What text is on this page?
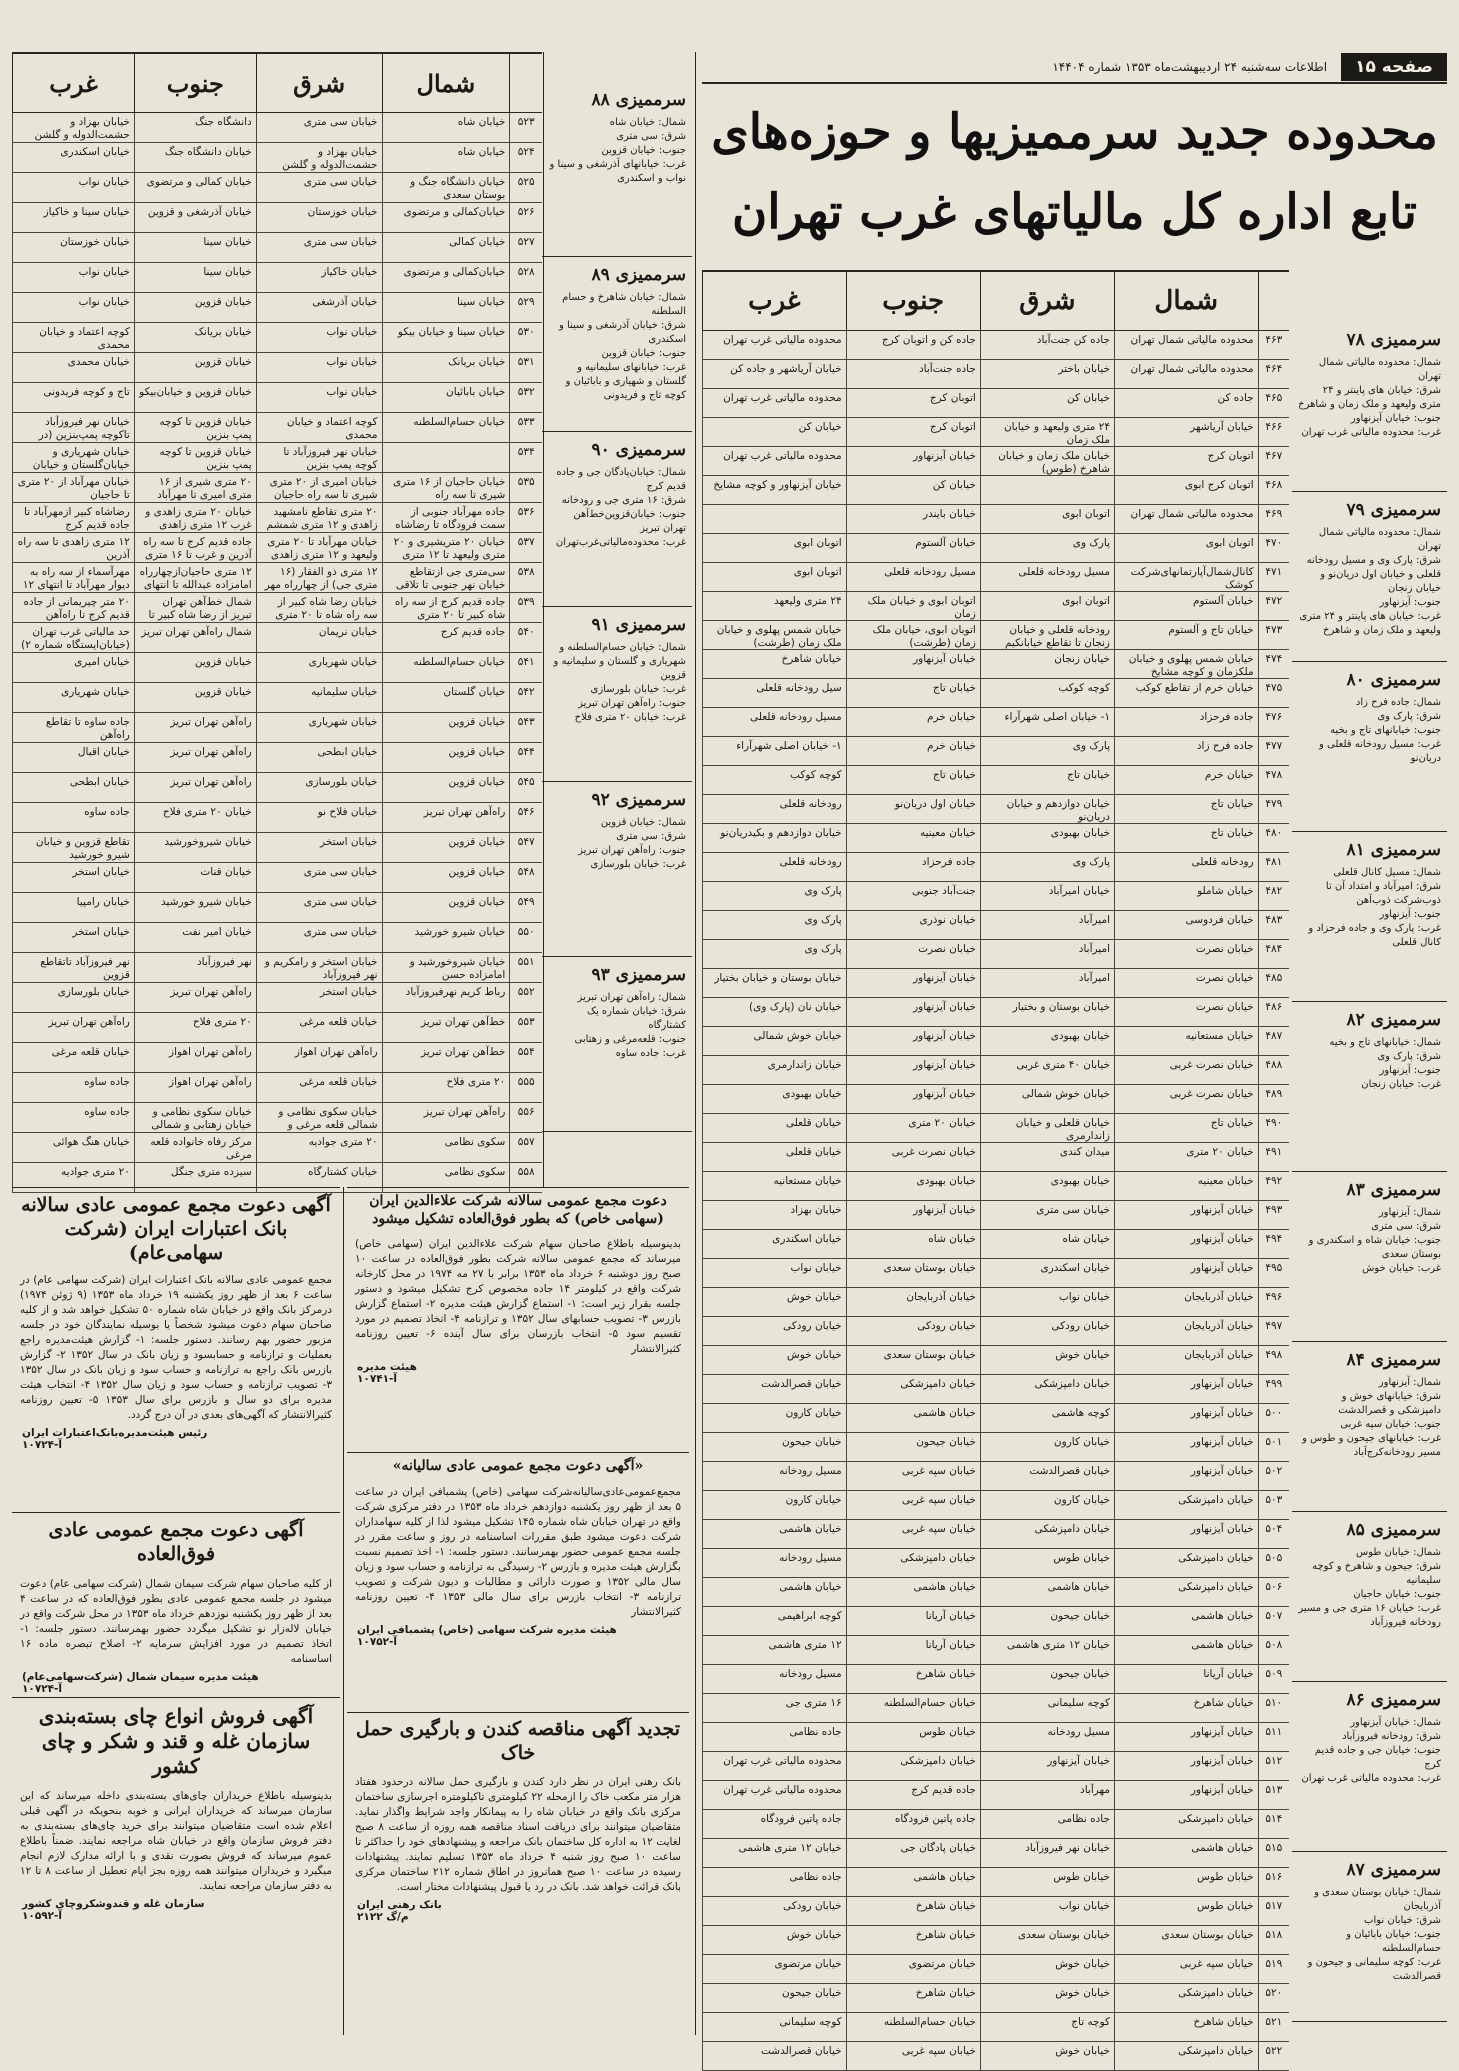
صفحه ۱۵
اطلاعات سه‌شنبه ۲۴ اردیبهشت‌ماه ۱۳۵۳ شماره ۱۴۴۰۴
محدوده جدید سرممیزیها و حوزه‌های
تابع اداره کل مالیاتهای غرب تهران
شمال
شرق
جنوب
غرب
۴۶۳
محدوده مالیاتی شمال تهران
جاده کن جنت‌آباد
جاده کن و اتوبان کرج
محدوده مالیاتی غرب تهران
۴۶۴
محدوده مالیاتی شمال تهران
خیابان باختر
جاده جنت‌آباد
خیابان آریاشهر و جاده کن
۴۶۵
جاده کن
خیابان کن
اتوبان کرج
محدوده مالیاتی غرب تهران
۴۶۶
خیابان آریاشهر
۲۴ متری ولیعهد و خیابان ملک زمان
اتوبان کرج
خیابان کن
۴۶۷
اتوبان کرج
خیابان ملک زمان و خیابان شاهرخ (طوس)
خیابان آیزنهاور
محدوده مالیاتی غرب تهران
۴۶۸
اتوبان کرج ابوی
خیابان کن
خیابان آیزنهاور و کوچه مشایخ
۴۶۹
محدوده مالیاتی شمال تهران
اتوبان ابوی
خیابان بایندر
۴۷۰
اتوبان ابوی
پارک وی
خیابان آلستوم
اتوبان ابوی
۴۷۱
کانال‌شمال‌آپارتمانهای‌شرکت کوشک
مسیل رودخانه قلعلی
مسیل رودخانه قلعلی
اتوبان ابوی
۴۷۲
خیابان آلستوم
اتوبان ابوی
اتوبان ابوی و خیابان ملک زمان
۲۴ متری ولیعهد
۴۷۳
خیابان تاج و آلستوم
رودخانه قلعلی و خیابان زنجان تا تقاطع خیابانکیم
اتوبان ابوی، خیابان ملک زمان (طرشت)
خیابان شمس پهلوی و خیابان ملک زمان (طرشت)
۴۷۴
خیابان شمس پهلوی و خیابان ملکزمان و کوچه مشایخ
خیابان زنجان
خیابان آیزنهاور
خیابان شاهرخ
۴۷۵
خیابان خرم از تقاطع کوکب
کوچه کوکب
خیابان تاج
سیل رودخانه قلعلی
۴۷۶
جاده فرحزاد
۱- خیابان اصلی شهرآراء
خیابان خرم
مسیل رودخانه قلعلی
۴۷۷
جاده فرح زاد
پارک وی
خیابان خرم
۱- خیابان اصلی شهرآراء
۴۷۸
خیابان خرم
خیابان تاج
خیابان تاج
کوچه کوکب
۴۷۹
خیابان تاج
خیابان دوازدهم و خیابان دریان‌نو
خیابان اول دریان‌نو
رودخانه قلعلی
۴۸۰
خیابان تاج
خیابان بهبودی
خیابان معینیه
خیابان دوازدهم و بکیدریان‌نو
۴۸۱
رودخانه قلعلی
پارک وی
جاده فرحزاد
رودخانه قلعلی
۴۸۲
خیابان شاملو
خیابان امیرآباد
جنت‌آباد جنوبی
پارک وی
۴۸۳
خیابان فردوسی
امیرآباد
خیابان نوذری
پارک وی
۴۸۴
خیابان نصرت
امیرآباد
خیابان نصرت
پارک وی
۴۸۵
خیابان نصرت
امیرآباد
خیابان آیزنهاور
خیابان بوستان و خیابان بختیار
۴۸۶
خیابان نصرت
خیابان بوستان و بختیار
خیابان آیزنهاور
خیابان نان (پارک وی)
۴۸۷
خیابان مستعانیه
خیابان بهبودی
خیابان آیزنهاور
خیابان خوش شمالی
۴۸۸
خیابان نصرت غربی
خیابان ۴۰ متری غربی
خیابان آیزنهاور
خیابان زاندارمری
۴۸۹
خیابان نصرت غربی
خیابان خوش شمالی
خیابان آیزنهاور
خیابان بهبودی
۴۹۰
خیابان تاج
خیابان قلعلی و خیابان زاندارمری
خیابان ۲۰ متری
خیابان قلعلی
۴۹۱
خیابان ۲۰ متری
میدان کندی
خیابان نصرت غربی
خیابان قلعلی
۴۹۲
خیابان معینیه
خیابان بهبودی
خیابان بهبودی
خیابان مستعانیه
۴۹۳
خیابان آیزنهاور
خیابان سی متری
خیابان آیزنهاور
خیابان بهزاد
۴۹۴
خیابان آیزنهاور
خیابان شاه
خیابان شاه
خیابان اسکندری
۴۹۵
خیابان آیزنهاور
خیابان اسکندری
خیابان بوستان سعدی
خیابان نواب
۴۹۶
خیابان آذربایجان
خیابان نواب
خیابان آذربایجان
خیابان خوش
۴۹۷
خیابان آذربایجان
خیابان رودکی
خیابان رودکی
خیابان رودکی
۴۹۸
خیابان آذربایجان
خیابان خوش
خیابان بوستان سعدی
خیابان خوش
۴۹۹
خیابان آیزنهاور
خیابان دامپزشکی
خیابان دامپزشکی
خیابان قصرالدشت
۵۰۰
خیابان آیزنهاور
کوچه هاشمی
خیابان هاشمی
خیابان کارون
۵۰۱
خیابان آیزنهاور
خیابان کارون
خیابان جیحون
خیابان جیحون
۵۰۲
خیابان آیزنهاور
خیابان قصرالدشت
خیابان سپه غربی
مسیل رودخانه
۵۰۳
خیابان دامپزشکی
خیابان کارون
خیابان سپه غربی
خیابان کارون
۵۰۴
خیابان آیزنهاور
خیابان دامپزشکی
خیابان سپه غربی
خیابان هاشمی
۵۰۵
خیابان دامپزشکی
خیابان طوس
خیابان دامپزشکی
مسیل رودخانه
۵۰۶
خیابان دامپزشکی
خیابان هاشمی
خیابان هاشمی
خیابان هاشمی
۵۰۷
خیابان هاشمی
خیابان جیحون
خیابان آریانا
کوچه ابراهیمی
۵۰۸
خیابان هاشمی
خیابان ۱۲ متری هاشمی
خیابان آریانا
۱۲ متری هاشمی
۵۰۹
خیابان آریانا
خیابان جیحون
خیابان شاهرخ
مسیل رودخانه
۵۱۰
خیابان شاهرخ
کوچه سلیمانی
خیابان حسام‌السلطنه
۱۶ متری جی
۵۱۱
خیابان آیزنهاور
مسیل رودخانه
خیابان طوس
جاده نظامی
۵۱۲
خیابان آیزنهاور
خیابان آیزنهاور
خیابان دامپزشکی
محدوده مالیاتی غرب تهران
۵۱۳
خیابان آیزنهاور
مهرآباد
جاده قدیم کرج
محدوده مالیاتی غرب تهران
۵۱۴
خیابان دامپزشکی
جاده نظامی
جاده پاتین فرودگاه
جاده پاتین فرودگاه
۵۱۵
خیابان هاشمی
خیابان نهر فیروزآباد
خیابان پادگان جی
خیابان ۱۲ متری هاشمی
۵۱۶
خیابان طوس
خیابان طوس
خیابان هاشمی
جاده نظامی
۵۱۷
خیابان طوس
خیابان نواب
خیابان شاهرخ
خیابان رودکی
۵۱۸
خیابان بوستان سعدی
خیابان بوستان سعدی
خیابان شاهرخ
خیابان خوش
۵۱۹
خیابان سپه غربی
خیابان خوش
خیابان مرتضوی
خیابان مرتضوی
۵۲۰
خیابان دامپزشکی
خیابان خوش
خیابان شاهرخ
خیابان جیحون
۵۲۱
خیابان شاهرخ
کوچه تاج
خیابان حسام‌السلطنه
کوچه سلیمانی
۵۲۲
خیابان دامپزشکی
خیابان خوش
خیابان سپه غربی
خیابان قصرالدشت
سرممیزی ۷۸
شمال: محدوده مالیاتی شمال تهران
شرق: خیابان های پاینتر و ۲۴ متری ولیعهد و ملک زمان و شاهرخ
جنوب: خیابان آیزنهاور
غرب: محدوده مالیاتی غرب تهران
سرممیزی ۷۹
شمال: محدوده مالیاتی شمال تهران
شرق: پارک وی و مسیل رودخانه قلعلی و خیابان اول دریان‌نو و خیابان زنجان
جنوب: آیزنهاور
غرب: خیابان های پاینتر و ۲۴ متری ولیعهد و ملک زمان و شاهرخ
سرممیزی ۸۰
شمال: جاده فرح زاد
شرق: پارک وی
جنوب: خیابانهای تاج و بخیه
غرب: مسیل رودخانه قلعلی و دریان‌نو
سرممیزی ۸۱
شمال: مسیل کانال قلعلی
شرق: امیرآباد و امتداد آن تا ذوب‌شرکت ذوب‌آهن
جنوب: آیزنهاور
غرب: پارک وی و جاده فرحزاد و کانال قلعلی
سرممیزی ۸۲
شمال: خیابانهای تاج و بخیه
شرق: پارک وی
جنوب: آیزنهاور
غرب: خیابان زنجان
سرممیزی ۸۳
شمال: آیزنهاور
شرق: سی متری
جنوب: خیابان شاه و اسکندری و بوستان سعدی
غرب: خیابان خوش
سرممیزی ۸۴
شمال: آیزنهاور
شرق: خیابانهای خوش و دامپزشکی و قصرالدشت
جنوب: خیابان سپه غربی
غرب: خیابانهای جیحون و طوس و مسیر رودخانه‌کرج‌آباد
سرممیزی ۸۵
شمال: خیابان طوس
شرق: جیحون و شاهرخ و کوچه سلیمانیه
جنوب: خیابان حاجیان
غرب: خیابان ۱۶ متری جی و مسیر رودخانه فیروزآباد
سرممیزی ۸۶
شمال: خیابان آیزنهاور
شرق: رودخانه فیروزآباد
جنوب: خیابان جی و جاده قدیم کرج
غرب: محدوده مالیاتی غرب تهران
سرممیزی ۸۷
شمال: خیابان بوستان سعدی و آذربایجان
شرق: خیابان نواب
جنوب: خیابان بابائیان و حسام‌السلطنه
غرب: کوچه سلیمانی و جیحون و قصرالدشت
شمال
شرق
جنوب
غرب
۵۲۳
خیابان شاه
خیابان سی متری
دانشگاه جنگ
خیابان بهزاد و حشمت‌الدوله و گلشن
۵۲۴
خیابان شاه
خیابان بهزاد و حشمت‌الدوله و گلشن
خیابان دانشگاه جنگ
خیابان اسکندری
۵۲۵
خیابان دانشگاه جنگ و بوستان سعدی
خیابان سی متری
خیابان کمالی و مرتضوی
خیابان نواب
۵۲۶
خیابان‌کمالی و مرتضوی
خیابان خوزستان
خیابان آذرشغی و قزوین
خیابان سینا و خاکیاز
۵۲۷
خیابان کمالی
خیابان سی متری
خیابان سینا
خیابان خوزستان
۵۲۸
خیابان‌کمالی و مرتضوی
خیابان خاکیاز
خیابان سینا
خیابان نواب
۵۲۹
خیابان سینا
خیابان آذرشغی
خیابان قزوین
خیابان نواب
۵۳۰
خیابان سینا و خیابان بیکو
خیابان نواب
خیابان بریانک
کوچه اعتماد و خیابان محمدی
۵۳۱
خیابان بریانک
خیابان نواب
خیابان قزوین
خیابان محمدی
۵۳۲
خیابان بابائیان
خیابان نواب
خیابان قزوین و خیابان‌بیکو
تاج و کوچه فریدونی
۵۳۳
خیابان حسام‌السلطنه
کوچه اعتماد و خیابان محمدی
خیابان قزوین تا کوچه پمپ بنزین
خیابان نهر فیروزآباد تاکوچه پمپ‌بنزین (در
۵۳۴
خیابان نهر فیروزآباد تا کوچه پمپ بنزین
خیابان قزوین تا کوچه پمپ بنزین
خیابان شهریاری و خیابان‌گلستان و خیابان
۵۳۵
خیابان حاجیان از ۱۶ متری شیری تا سه راه
خیابان امیری از ۲۰ متری شیری تا سه راه حاجیان
۲۰ متری شیری از ۱۶ متری امیری تا مهرآباد
خیابان مهرآباد از ۲۰ متری تا حاجیان
۵۳۶
جاده مهرآباد جنوبی از سمت فرودگاه تا رضاشاه
۲۰ متری تقاطع نامشهید زاهدی و ۱۲ متری شمشم
خیابان ۲۰ متری زاهدی و غرب ۱۲ متری زاهدی
رضاشاه کبیر ازمهرآباد تا جاده قدیم کرج
۵۳۷
خیابان ۲۰ متریشیری و ۲۰ متری ولیعهد تا ۱۲ متری
خیابان مهرآباد تا ۲۰ متری ولیعهد و ۱۲ متری زاهدی
جاده قدیم کرج تا سه راه آذرین و غرب تا ۱۶ متری
۱۲ متری زاهدی تا سه راه آذرین
۵۳۸
سی‌متری جی ازتقاطع خیابان نهر جنوبی تا تلاقی
۱۲ متری ذو الفقار (۱۶ متری جی) از چهارراه مهر
۱۲ متری حاجیان‌ازچهارراه امامزاده عبدالله تا انتهای
مهرآسماء از سه راه به دیوار مهرآباد تا انتهای ۱۲
۵۳۹
جاده قدیم کرج از سه راه شاه کبیر تا ۲۰ متری
خیابان رضا شاه کبیر از سه راه شاه تا ۲۰ متری
شمال خط‌آهن تهران تبریز از رضا شاه کبیر تا
۲۰ متر چیریمانی از جاده قدیم کرج تا راه‌آهن
۵۴۰
جاده قدیم کرج
خیابان نریمان
شمال راه‌آهن تهران تبریز
حد مالیاتی غرب تهران (خیابان‌ایستگاه شماره ۲)
۵۴۱
خیابان حسام‌السلطنه
خیابان شهریاری
خیابان قزوین
خیابان امیری
۵۴۲
خیابان گلستان
خیابان سلیمانیه
خیابان قزوین
خیابان شهریاری
۵۴۳
خیابان قزوین
خیابان شهریاری
راه‌آهن تهران تبریز
جاده ساوه تا تقاطع راه‌آهن
۵۴۴
خیابان قزوین
خیابان ابطحی
راه‌آهن تهران تبریز
خیابان اقبال
۵۴۵
خیابان قزوین
خیابان بلورسازی
راه‌آهن تهران تبریز
خیابان ابطحی
۵۴۶
راه‌آهن تهران تبریز
خیابان فلاح نو
خیابان ۲۰ متری فلاح
جاده ساوه
۵۴۷
خیابان قزوین
خیابان استخر
خیابان شیرو‌خورشید
تقاطع قزوین و خیابان شیرو خورشید
۵۴۸
خیابان قزوین
خیابان سی متری
خیابان قنات
خیابان استخر
۵۴۹
خیابان قزوین
خیابان سی متری
خیابان شیرو خورشید
خیابان رامپیا
۵۵۰
خیابان شیرو خورشید
خیابان سی متری
خیابان امیر نفت
خیابان استخر
۵۵۱
خیابان شیرو‌خورشید و امامزاده حسن
خیابان استخر و رامکریم و نهر فیروزآباد
نهر فیروزآباد
نهر فیروزآباد تاتقاطع قزوین
۵۵۲
رباط کریم نهرفیروزآباد
خیابان استخر
راه‌آهن تهران تبریز
خیابان بلورسازی
۵۵۳
خط‌آهن تهران تبریز
خیابان قلعه مرغی
۲۰ متری فلاح
راه‌آهن تهران تبریز
۵۵۴
خط‌آهن تهران تبریز
راه‌آهن تهران اهواز
راه‌آهن تهران اهواز
خیابان قلعه مرغی
۵۵۵
۲۰ متری فلاح
خیابان قلعه مرغی
راه‌آهن تهران اهواز
جاده ساوه
۵۵۶
راه‌آهن تهران تبریز
خیابان سکوی نظامی و شمالی قلعه مرغی و
خیابان سکوی نظامی و خیابان زهتابی و شمالی
جاده ساوه
۵۵۷
سکوی نظامی
۲۰ متری جوادیه
مرکز رفاه خانواده قلعه مرغی
خیابان هنگ هوائی
۵۵۸
سکوی نظامی
خیابان کشتارگاه
سیزده متری جنگل
۲۰ متری جوادیه
سرممیزی ۸۸
شمال: خیابان شاه
شرق: سی متری
جنوب: خیابان قزوین
غرب: خیابانهای آذرشغی و سینا و نواب و اسکندری
سرممیزی ۸۹
شمال: خیابان شاهرخ و حسام السلطنه
شرق: خیابان آذرشغی و سینا و اسکندری
جنوب: خیابان قزوین
غرب: خیابانهای سلیمانیه و گلستان و شهیاری و بابائیان و کوچه تاج و فریدونی
سرممیزی ۹۰
شمال: خیابان‌پادگان جی و جاده قدیم کرج
شرق: ۱۶ متری جی و رودخانه
جنوب: خیابان‌قزوین‌خط‌آهن تهران تبریز
غرب: محدوده‌مالیاتی‌غرب‌تهران
سرممیزی ۹۱
شمال: خیابان حسام‌السلطنه و شهریاری و گلستان و سلیمانیه و قزوین
غرب: خیابان بلورسازی
جنوب: راه‌آهن تهران تبریز
غرب: خیابان ۲۰ متری فلاح
سرممیزی ۹۲
شمال: خیابان قزوین
شرق: سی متری
جنوب: راه‌آهن تهران تبریز
غرب: خیابان بلورسازی
سرممیزی ۹۳
شمال: راه‌آهن تهران تبریز
شرق: خیابان شماره یک کشتارگاه
جنوب: قلعه‌مرغی و زهتابی
غرب: جاده ساوه
آگهی دعوت مجمع عمومی عادی سالانه بانک اعتبارات ایران (شرکت سهامی‌عام)
مجمع عمومی عادی سالانه بانک اعتبارات ایران (شرکت سهامی عام) در ساعت ۶ بعد از ظهر روز یکشنبه ۱۹ خرداد ماه ۱۳۵۳ (۹ ژوئن ۱۹۷۴) درمرکز بانک واقع در خیابان شاه شماره ۵۰ تشکیل خواهد شد و از کلیه صاحبان سهام دعوت میشود شخصاً یا بوسیله نمایندگان خود در جلسه مزبور حضور بهم رسانند. دستور جلسه: ۱- گزارش هیئت‌مدیره راجع بعملیات و ترازنامه و حسابسود و زیان بانک در سال ۱۳۵۲ ۲- گزارش بازرس بانک راجع به ترازنامه و حساب سود و زیان بانک در سال ۱۳۵۲ ۳- تصویب ترازنامه و حساب سود و زیان سال ۱۳۵۲ ۴- انتخاب هیئت مدیره برای دو سال و بازرس برای سال ۱۳۵۳ ۵- تعیین روزنامه کثیرالانتشار که آگهی‌های بعدی در آن درج گردد.
رئیس هیئت‌مدیره‌بانک‌اعتبارات ایران
آ-۱۰۷۲۴
آگهی دعوت مجمع عمومی عادی فوق‌العاده
از کلیه صاحبان سهام شرکت سیمان شمال (شرکت سهامی عام) دعوت میشود در جلسه مجمع عمومی عادی بطور فوق‌العاده که در ساعت ۴ بعد از ظهر روز یکشنبه نوزدهم خرداد ماه ۱۳۵۳ در محل شرکت واقع در خیابان لاله‌زار نو تشکیل میگردد حضور بهمرسانند. دستور جلسه: ۱- اتخاذ تصمیم در مورد افزایش سرمایه ۲- اصلاح تبصره ماده ۱۶ اساسنامه
هیئت مدیره سیمان شمال (شرکت‌سهامی‌عام)
آ-۱۰۷۲۴
آگهی فروش انواع چای بسته‌بندی سازمان غله و قند و شکر و چای کشور
بدینوسیله باطلاع خریداران چای‌های بسته‌بندی داخله میرساند که این سازمان میرساند که خریداران ایرانی و خوبه بنحویکه در آگهی قبلی اعلام شده است متقاضیان میتوانند برای خرید چای‌های بسته‌بندی به دفتر فروش سازمان واقع در خیابان شاه مراجعه نمایند. ضمناً باطلاع عموم میرساند که فروش بصورت نقدی و با ارائه مدارک لازم انجام میگیرد و خریداران میتوانند همه روزه بجز ایام تعطیل از ساعت ۸ تا ۱۲ به دفتر سازمان مراجعه نمایند.
سازمان غله و قندوشکروچای کشور
آ-۱۰۵۹۲
دعوت مجمع عمومی سالانه شرکت علاءالدین ایران (سهامی خاص) که بطور فوق‌العاده تشکیل میشود
بدینوسیله باطلاع صاحبان سهام شرکت علاءالدین ایران (سهامی خاص) میرساند که مجمع عمومی سالانه شرکت بطور فوق‌العاده در ساعت ۱۰ صبح روز دوشنبه ۶ خرداد ماه ۱۳۵۳ برابر با ۲۷ مه ۱۹۷۴ در محل کارخانه شرکت واقع در کیلومتر ۱۴ جاده مخصوص کرج تشکیل میشود و دستور جلسه بقرار زیر است: ۱- استماع گزارش هیئت مدیره ۲- استماع گزارش بازرس ۳- تصویب حسابهای سال ۱۳۵۲ و ترازنامه ۴- اتخاذ تصمیم در مورد تقسیم سود ۵- انتخاب بازرسان برای سال آینده ۶- تعیین روزنامه کثیرالانتشار
هیئت مدیره
آ-۱۰۷۴۱
«آگهی دعوت مجمع عمومی عادی سالیانه»
مجمع‌عمومی‌عادی‌سالیانه‌شرکت سهامی (خاص) پشمبافی ایران در ساعت ۵ بعد از ظهر روز یکشنبه دوازدهم خرداد ماه ۱۳۵۳ در دفتر مرکزی شرکت واقع در تهران خیابان شاه شماره ۱۴۵ تشکیل میشود لذا از کلیه سهامداران شرکت دعوت میشود طبق مقررات اساسنامه در روز و ساعت مقرر در جلسه مجمع عمومی حضور بهمرسانند. دستور جلسه: ۱- اخذ تصمیم نسبت بگزارش هیئت مدیره و بازرس ۲- رسیدگی به ترازنامه و حساب سود و زیان سال مالی ۱۳۵۲ و صورت دارائی و مطالبات و دیون شرکت و تصویب ترازنامه ۳- انتخاب بازرس برای سال مالی ۱۳۵۳ ۴- تعیین روزنامه کثیرالانتشار
هیئت مدیره شرکت سهامی (خاص) پشمبافی ایران
آ-۱۰۷۵۲
تجدید آگهی مناقصه کندن و بارگیری حمل خاک
بانک رهنی ایران در نظر دارد کندن و بارگیری حمل سالانه درحدود هفتاد هزار متر مکعب خاک را ازمحله ۲۲ کیلومتری تاکیلومتره اجرسازی ساختمان مرکزی بانک واقع در خیابان شاه را به پیمانکار واجد شرایط واگذار نماید. متقاضیان میتوانند برای دریافت اسناد مناقصه همه روزه از ساعت ۸ صبح لغایت ۱۲ به اداره کل ساختمان بانک مراجعه و پیشنهادهای خود را حداکثر تا ساعت ۱۰ صبح روز شنبه ۴ خرداد ماه ۱۳۵۳ تسلیم نمایند. پیشنهادات رسیده در ساعت ۱۰ صبح همانروز در اطاق شماره ۲۱۲ ساختمان مرکزی بانک قرائت خواهد شد. بانک در رد یا قبول پیشنهادات مختار است.
بانک رهنی ایران
م/گ ۲۱۲۲
